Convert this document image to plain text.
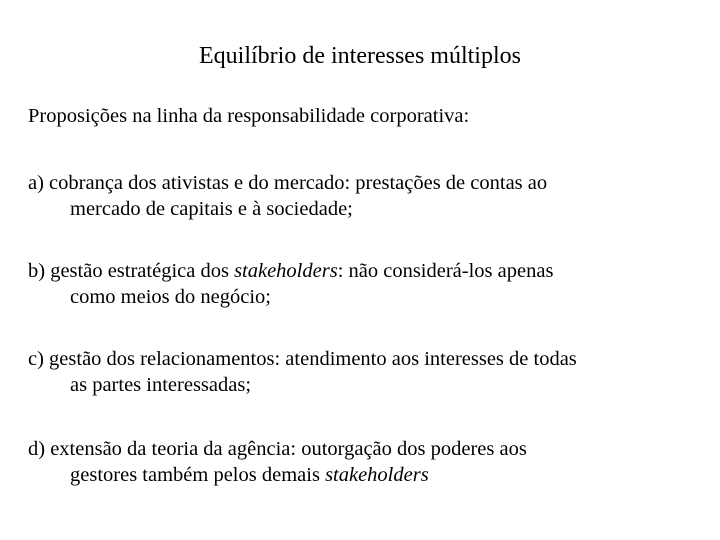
Equilíbrio de interesses múltiplos
Proposições na linha da responsabilidade corporativa:
a) cobrança dos ativistas e do mercado: prestações de contas ao
mercado de capitais e à sociedade;
b) gestão estratégica dos stakeholders: não considerá-los apenas
como meios do negócio;
c) gestão dos relacionamentos: atendimento aos interesses de todas
as partes interessadas;
d) extensão da teoria da agência: outorgação dos poderes aos
gestores também pelos demais stakeholders
